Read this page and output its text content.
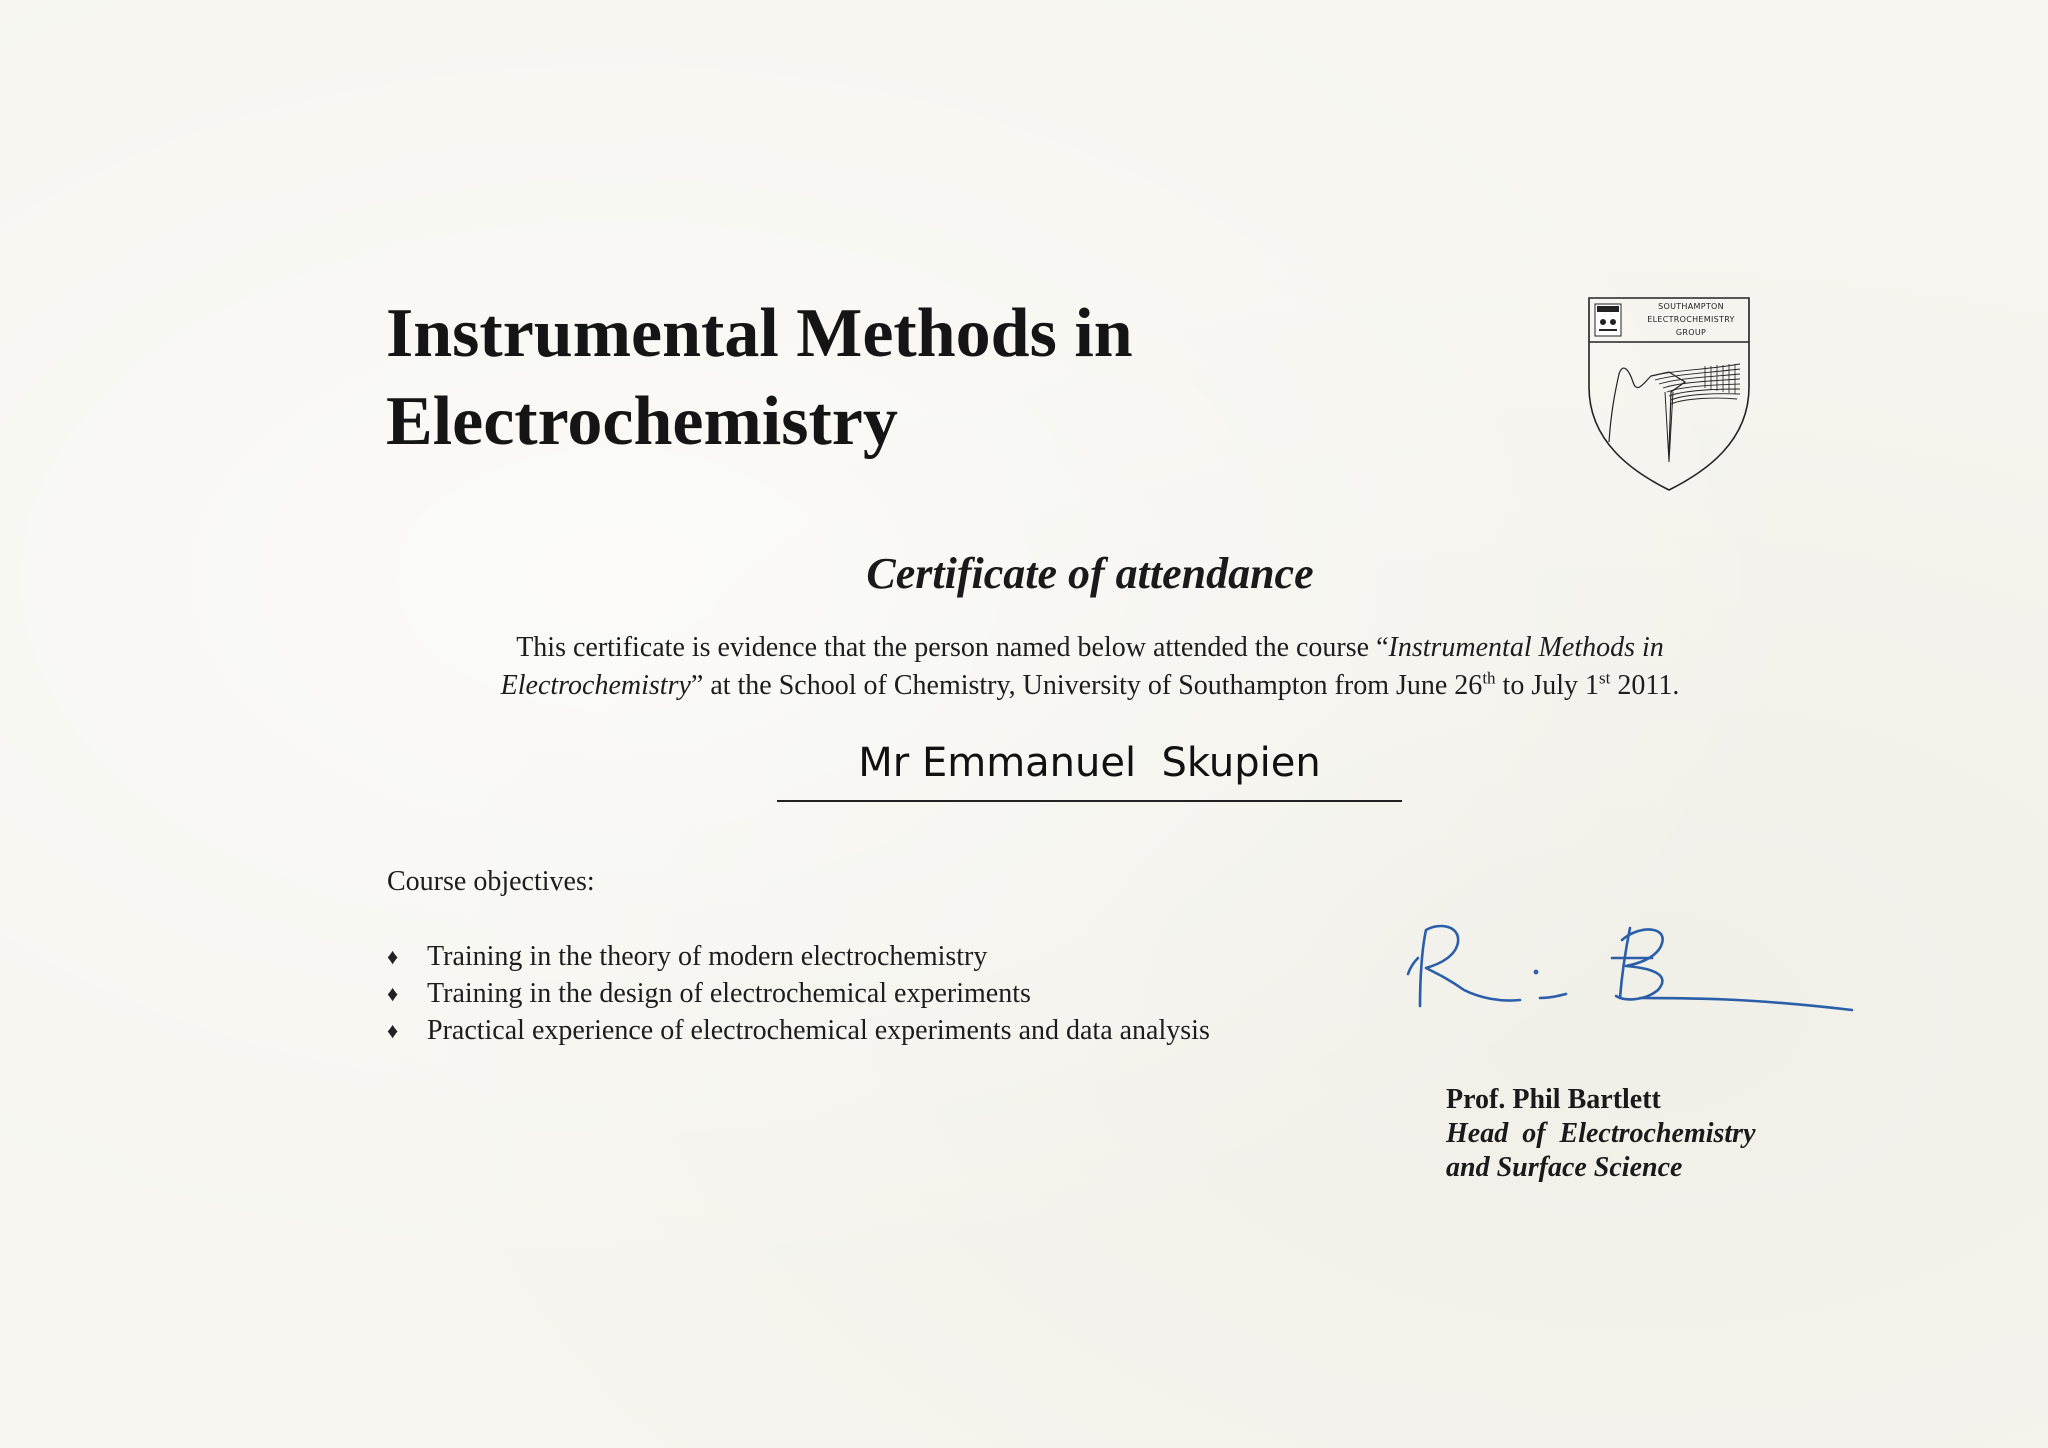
Instrumental Methods in
Electrochemistry
SOUTHAMPTON
ELECTROCHEMISTRY
GROUP
Certificate of attendance
This certificate is evidence that the person named below attended the course “Instrumental Methods in Electrochemistry” at the School of Chemistry, University of Southampton from June 26th to July 1st 2011.
Mr Emmanuel  Skupien
Course objectives:
♦	Training in the theory of modern electrochemistry
♦	Training in the design of electrochemical experiments
♦	Practical experience of electrochemical experiments and data analysis
Prof. Phil Bartlett
Head  of  Electrochemistry
and Surface Science
